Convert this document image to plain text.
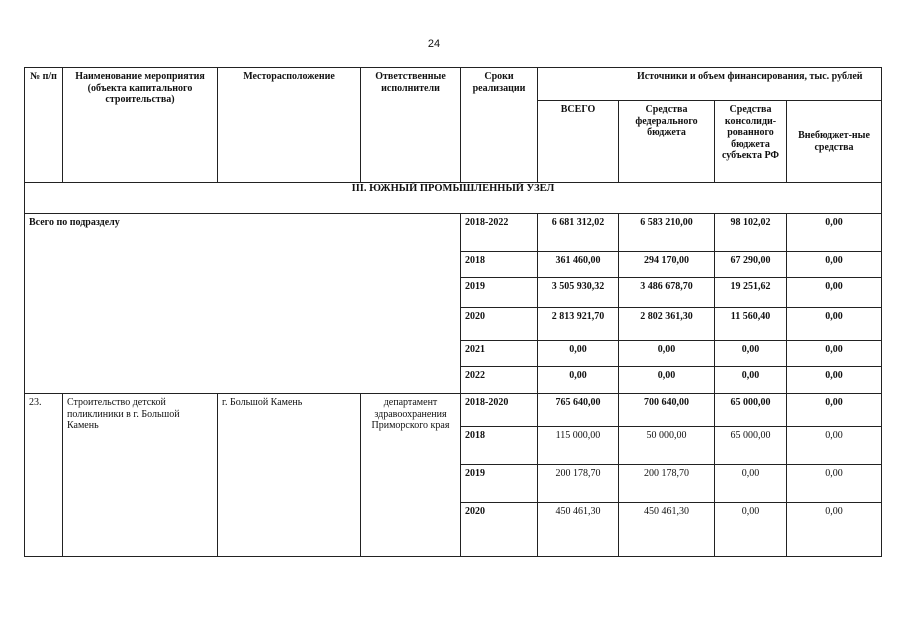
24
№ п/п	Наименование мероприятия (объекта капитального строительства)	Месторасположение	Ответственные исполнители	Сроки реализации		Источники и объем финансирования, тыс. рублей		
					ВСЕГО	Средства федерального бюджета	Средства консолиди-рованного бюджета субъекта РФ	Внебюджет-ные средства
III. ЮЖНЫЙ ПРОМЫШЛЕННЫЙ УЗЕЛ								
Всего по подразделу				2018-2022	6 681 312,02	6 583 210,00	98 102,02	0,00
				2018	361 460,00	294 170,00	67 290,00	0,00
				2019	3 505 930,32	3 486 678,70	19 251,62	0,00
				2020	2 813 921,70	2 802 361,30	11 560,40	0,00
				2021	0,00	0,00	0,00	0,00
				2022	0,00	0,00	0,00	0,00
23.	Строительство детской поликлиники в г. Большой Камень	г. Большой Камень	департамент здравоохранения Приморского края	2018-2020	765 640,00	700 640,00	65 000,00	0,00
				2018	115 000,00	50 000,00	65 000,00	0,00
				2019	200 178,70	200 178,70	0,00	0,00
				2020	450 461,30	450 461,30	0,00	0,00
